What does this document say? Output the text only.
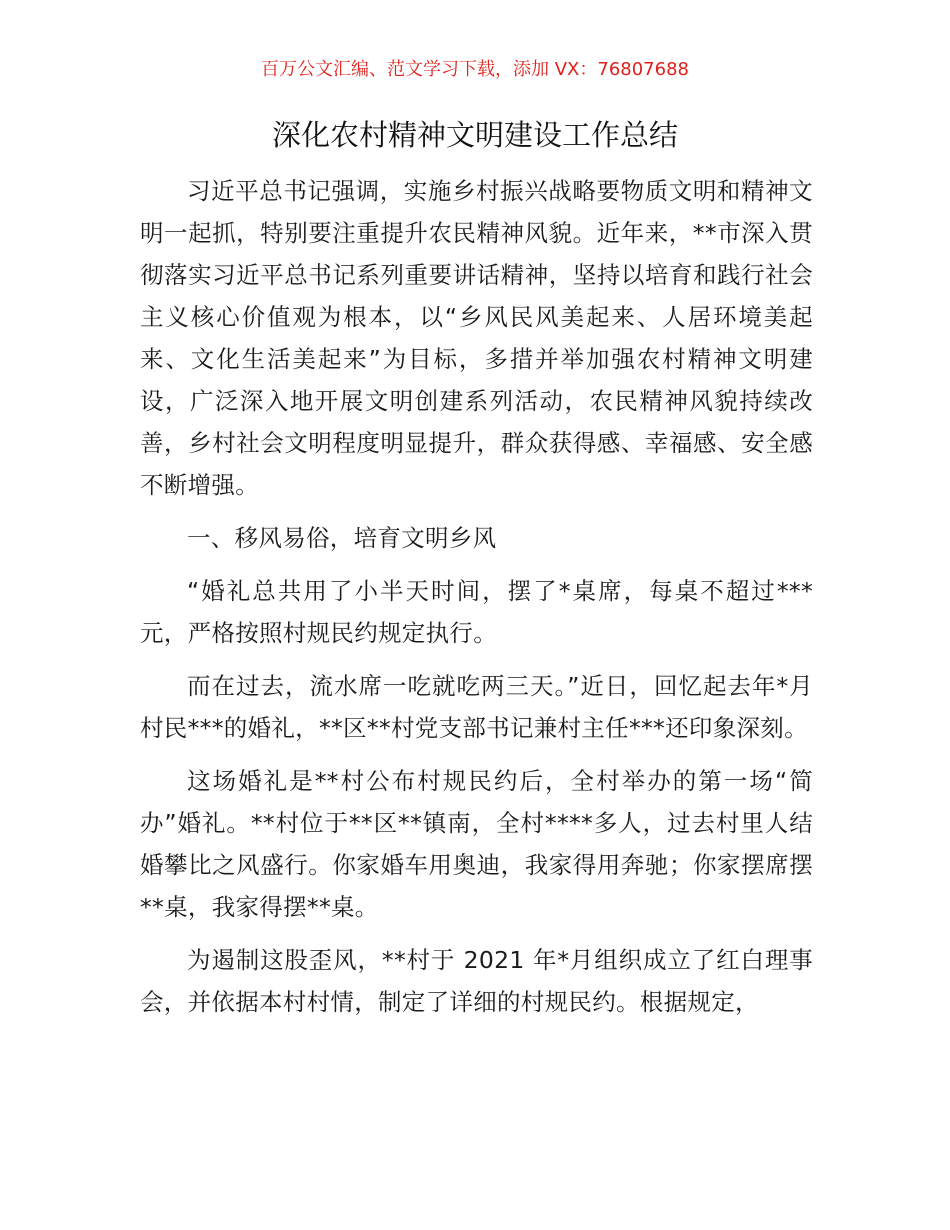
百万公文汇编、范文学习下载，添加 VX：76807688
深化农村精神文明建设工作总结

习近平总书记强调，实施乡村振兴战略要物质文明和精神文明一起抓，特别要注重提升农民精神风貌。近年来，**市深入贯彻落实习近平总书记系列重要讲话精神，坚持以培育和践行社会主义核心价值观为根本，以“乡风民风美起来、人居环境美起来、文化生活美起来”为目标，多措并举加强农村精神文明建设，广泛深入地开展文明创建系列活动，农民精神风貌持续改善，乡村社会文明程度明显提升，群众获得感、幸福感、安全感不断增强。

一、移风易俗，培育文明乡风

“婚礼总共用了小半天时间，摆了*桌席，每桌不超过***元，严格按照村规民约规定执行。

而在过去，流水席一吃就吃两三天。”近日，回忆起去年*月村民***的婚礼，**区**村党支部书记兼村主任***还印象深刻。

这场婚礼是**村公布村规民约后，全村举办的第一场“简办”婚礼。**村位于**区**镇南，全村****多人，过去村里人结婚攀比之风盛行。你家婚车用奥迪，我家得用奔驰；你家摆席摆**桌，我家得摆**桌。

为遏制这股歪风，**村于 2021 年*月组织成立了红白理事会，并依据本村村情，制定了详细的村规民约。根据规定，
